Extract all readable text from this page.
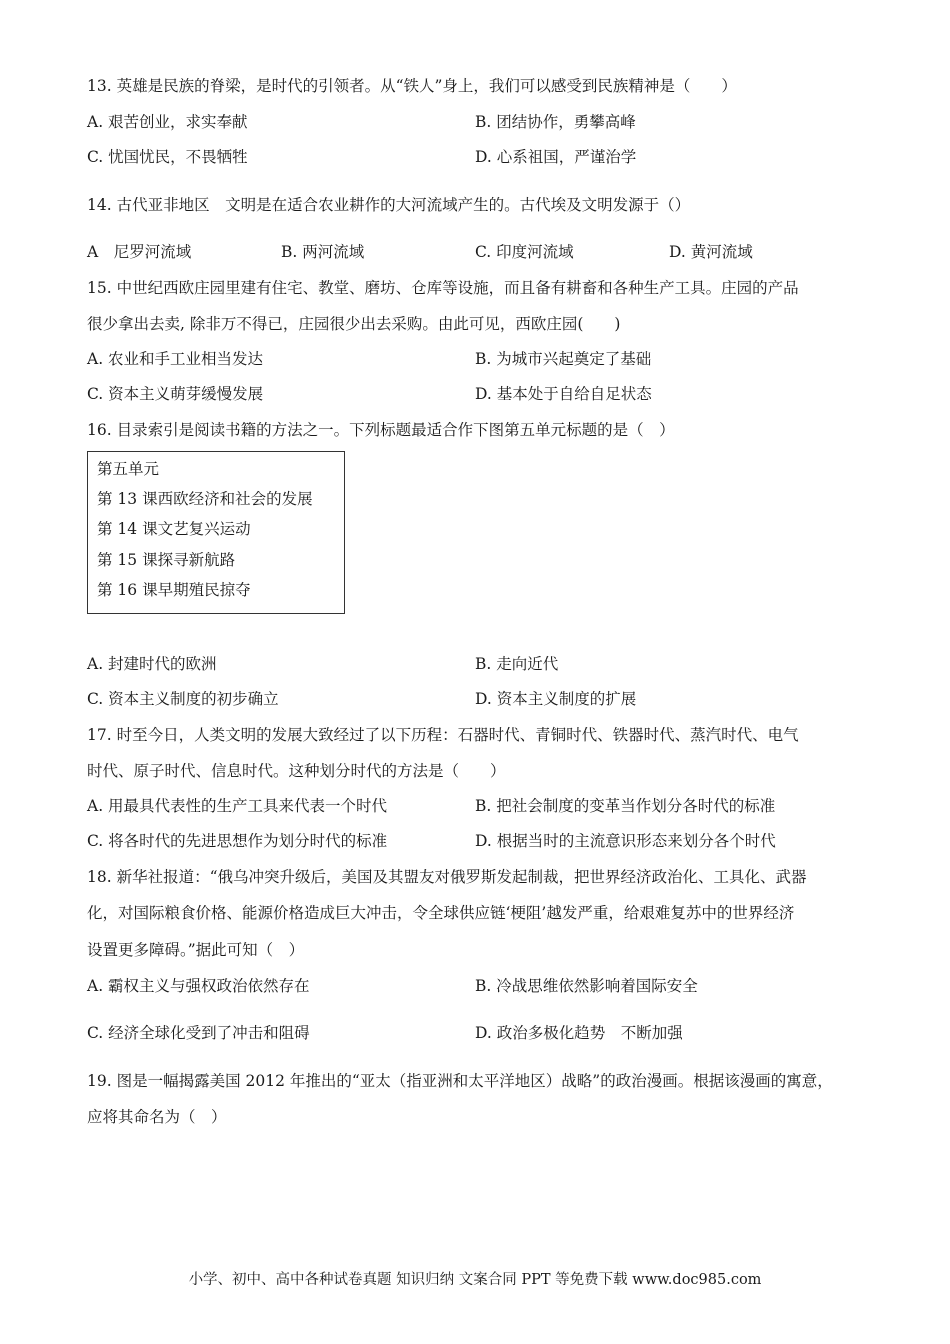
13. 英雄是民族的脊梁，是时代的引领者。从“铁人”身上，我们可以感受到民族精神是（　　）
A. 艰苦创业，求实奉献	B. 团结协作，勇攀高峰
C. 忧国忧民，不畏牺牲	D. 心系祖国，严谨治学
14. 古代亚非地区　文明是在适合农业耕作的大河流域产生的。古代埃及文明发源于（）
A　尼罗河流域	B. 两河流域	C. 印度河流域	D. 黄河流域
15. 中世纪西欧庄园里建有住宅、教堂、磨坊、仓库等设施，而且备有耕畜和各种生产工具。庄园的产品
很少拿出去卖, 除非万不得已，庄园很少出去采购。由此可见，西欧庄园(　　)
A. 农业和手工业相当发达	B. 为城市兴起奠定了基础
C. 资本主义萌芽缓慢发展	D. 基本处于自给自足状态
16. 目录索引是阅读书籍的方法之一。下列标题最适合作下图第五单元标题的是（　）
第五单元
第 13 课西欧经济和社会的发展
第 14 课文艺复兴运动
第 15 课探寻新航路
第 16 课早期殖民掠夺
A. 封建时代的欧洲	B. 走向近代
C. 资本主义制度的初步确立	D. 资本主义制度的扩展
17. 时至今日，人类文明的发展大致经过了以下历程：石器时代、青铜时代、铁器时代、蒸汽时代、电气
时代、原子时代、信息时代。这种划分时代的方法是（　　）
A. 用最具代表性的生产工具来代表一个时代	B. 把社会制度的变革当作划分各时代的标准
C. 将各时代的先进思想作为划分时代的标准	D. 根据当时的主流意识形态来划分各个时代
18. 新华社报道：“俄乌冲突升级后，美国及其盟友对俄罗斯发起制裁，把世界经济政治化、工具化、武器
化，对国际粮食价格、能源价格造成巨大冲击，令全球供应链‘梗阻’越发严重，给艰难复苏中的世界经济
设置更多障碍。”据此可知（　）
A. 霸权主义与强权政治依然存在	B. 冷战思维依然影响着国际安全
C. 经济全球化受到了冲击和阻碍	D. 政治多极化趋势　不断加强
19. 图是一幅揭露美国 2012 年推出的“亚太（指亚洲和太平洋地区）战略”的政治漫画。根据该漫画的寓意，
应将其命名为（　）
小学、初中、高中各种试卷真题 知识归纳 文案合同 PPT 等免费下载 www.doc985.com
